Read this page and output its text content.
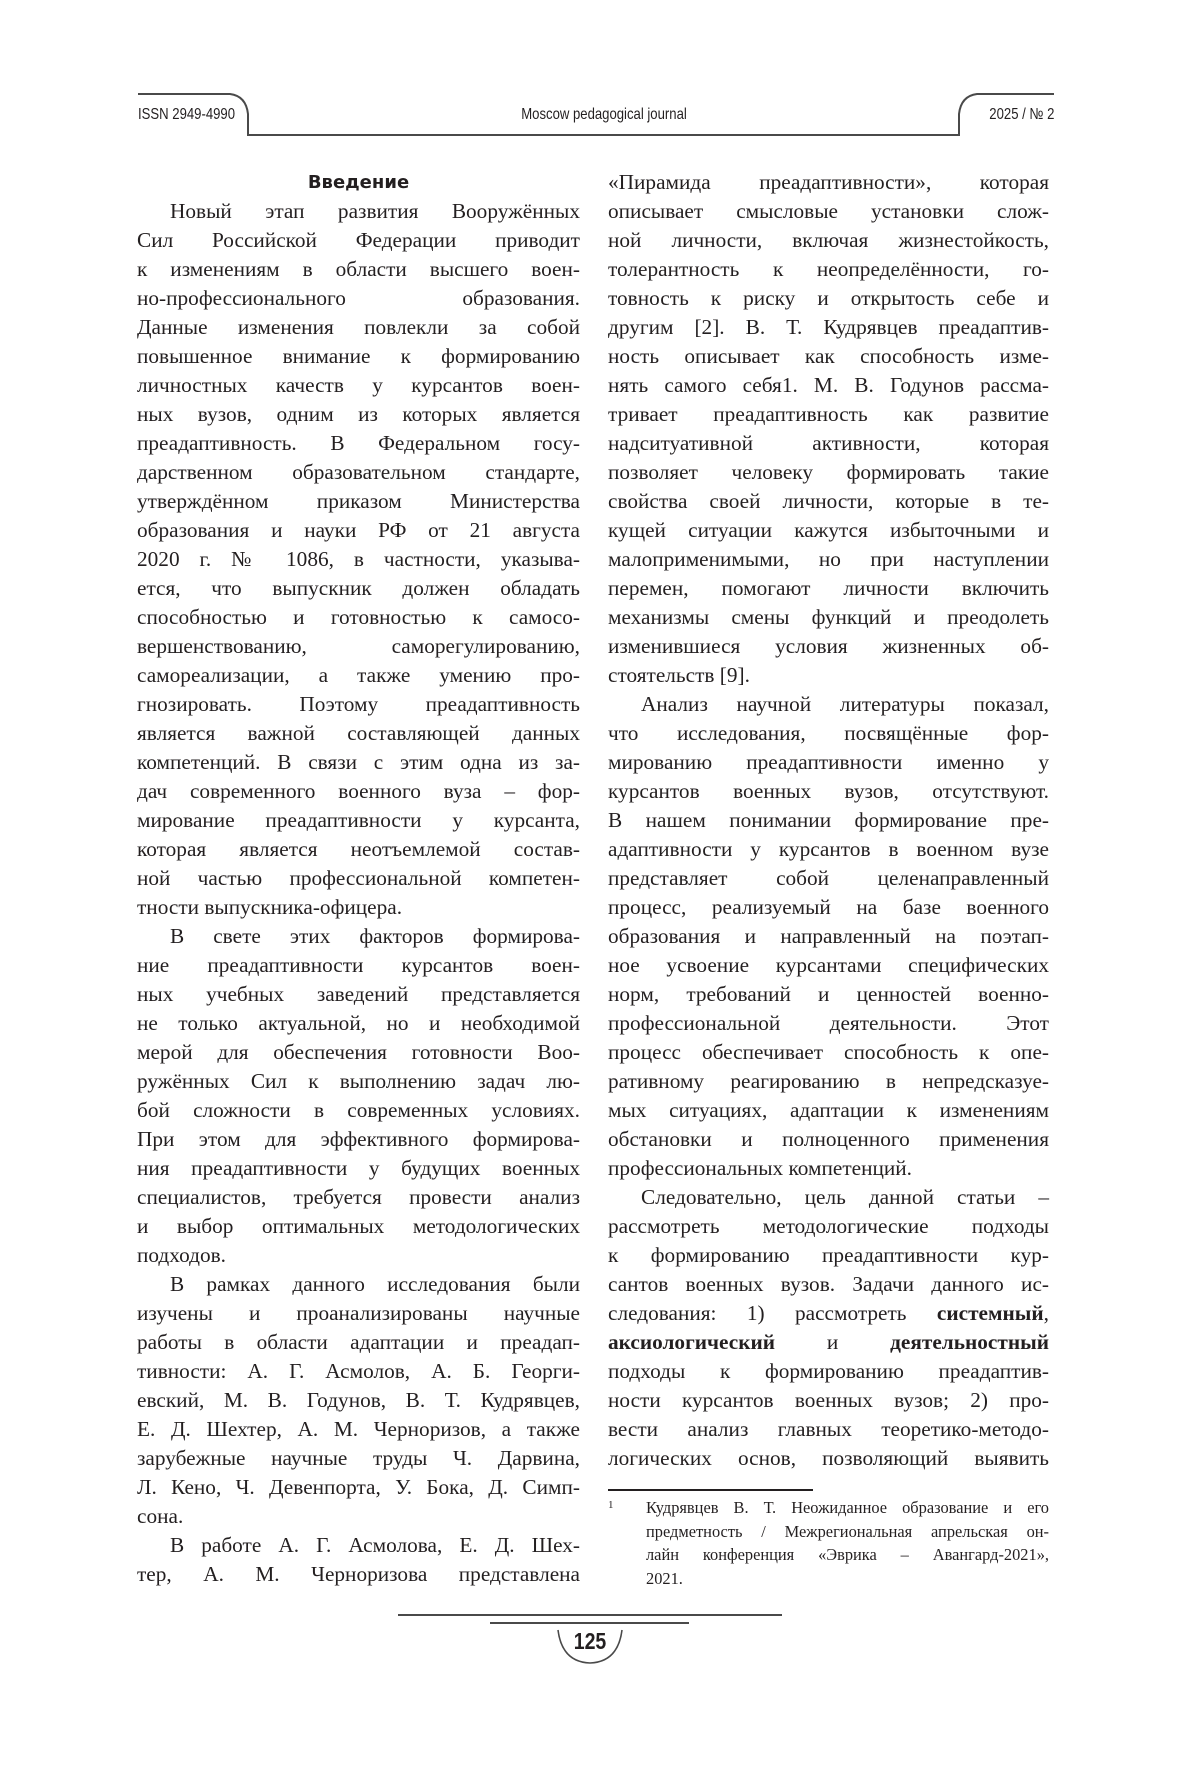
ISSN 2949-4990	Moscow pedagogical journal	2025 / № 2
Введение
Новый этап развития Вооружённых
Сил Российской Федерации приводит
к изменениям в области высшего воен-
но-профессионального образования.
Данные изменения повлекли за собой
повышенное внимание к формированию
личностных качеств у курсантов воен-
ных вузов, одним из которых является
преадаптивность. В Федеральном госу-
дарственном образовательном стандарте,
утверждённом приказом Министерства
образования и науки РФ от 21 августа
2020 г. № 1086, в частности, указыва-
ется, что выпускник должен обладать
способностью и готовностью к самосо-
вершенствованию, саморегулированию,
самореализации, а также умению про-
гнозировать. Поэтому преадаптивность
является важной составляющей данных
компетенций. В связи с этим одна из за-
дач современного военного вуза – фор-
мирование преадаптивности у курсанта,
которая является неотъемлемой состав-
ной частью профессиональной компетен-
тности выпускника-офицера.
В свете этих факторов формирова-
ние преадаптивности курсантов воен-
ных учебных заведений представляется
не только актуальной, но и необходимой
мерой для обеспечения готовности Воо-
ружённых Сил к выполнению задач лю-
бой сложности в современных условиях.
При этом для эффективного формирова-
ния преадаптивности у будущих военных
специалистов, требуется провести анализ
и выбор оптимальных методологических
подходов.
В рамках данного исследования были
изучены и проанализированы научные
работы в области адаптации и преадап-
тивности: А. Г. Асмолов, А. Б. Георги-
евский, М. В. Годунов, В. Т. Кудрявцев,
Е. Д. Шехтер, А. М. Черноризов, а также
зарубежные научные труды Ч. Дарвина,
Л. Кено, Ч. Девенпорта, У. Бока, Д. Симп-
сона.
В работе А. Г. Асмолова, Е. Д. Шех-
тер, А. М. Черноризова представлена
«Пирамида преадаптивности», которая
описывает смысловые установки слож-
ной личности, включая жизнестойкость,
толерантность к неопределённости, го-
товность к риску и открытость себе и
другим [2]. В. Т. Кудрявцев преадаптив-
ность описывает как способность изме-
нять самого себя1. М. В. Годунов рассма-
тривает преадаптивность как развитие
надситуативной активности, которая
позволяет человеку формировать такие
свойства своей личности, которые в те-
кущей ситуации кажутся избыточными и
малоприменимыми, но при наступлении
перемен, помогают личности включить
механизмы смены функций и преодолеть
изменившиеся условия жизненных об-
стоятельств [9].
Анализ научной литературы показал,
что исследования, посвящённые фор-
мированию преадаптивности именно у
курсантов военных вузов, отсутствуют.
В нашем понимании формирование пре-
адаптивности у курсантов в военном вузе
представляет собой целенаправленный
процесс, реализуемый на базе военного
образования и направленный на поэтап-
ное усвоение курсантами специфических
норм, требований и ценностей военно-
профессиональной деятельности. Этот
процесс обеспечивает способность к опе-
ративному реагированию в непредсказуе-
мых ситуациях, адаптации к изменениям
обстановки и полноценного применения
профессиональных компетенций.
Следовательно, цель данной статьи –
рассмотреть методологические подходы
к формированию преадаптивности кур-
сантов военных вузов. Задачи данного ис-
следования: 1) рассмотреть системный,
аксиологический и деятельностный
подходы к формированию преадаптив-
ности курсантов военных вузов; 2) про-
вести анализ главных теоретико-методо-
логических основ, позволяющий выявить
1 Кудрявцев В. Т. Неожиданное образование и его
предметность / Межрегиональная апрельская он-
лайн конференция «Эврика – Авангард-2021»,
2021.
125
